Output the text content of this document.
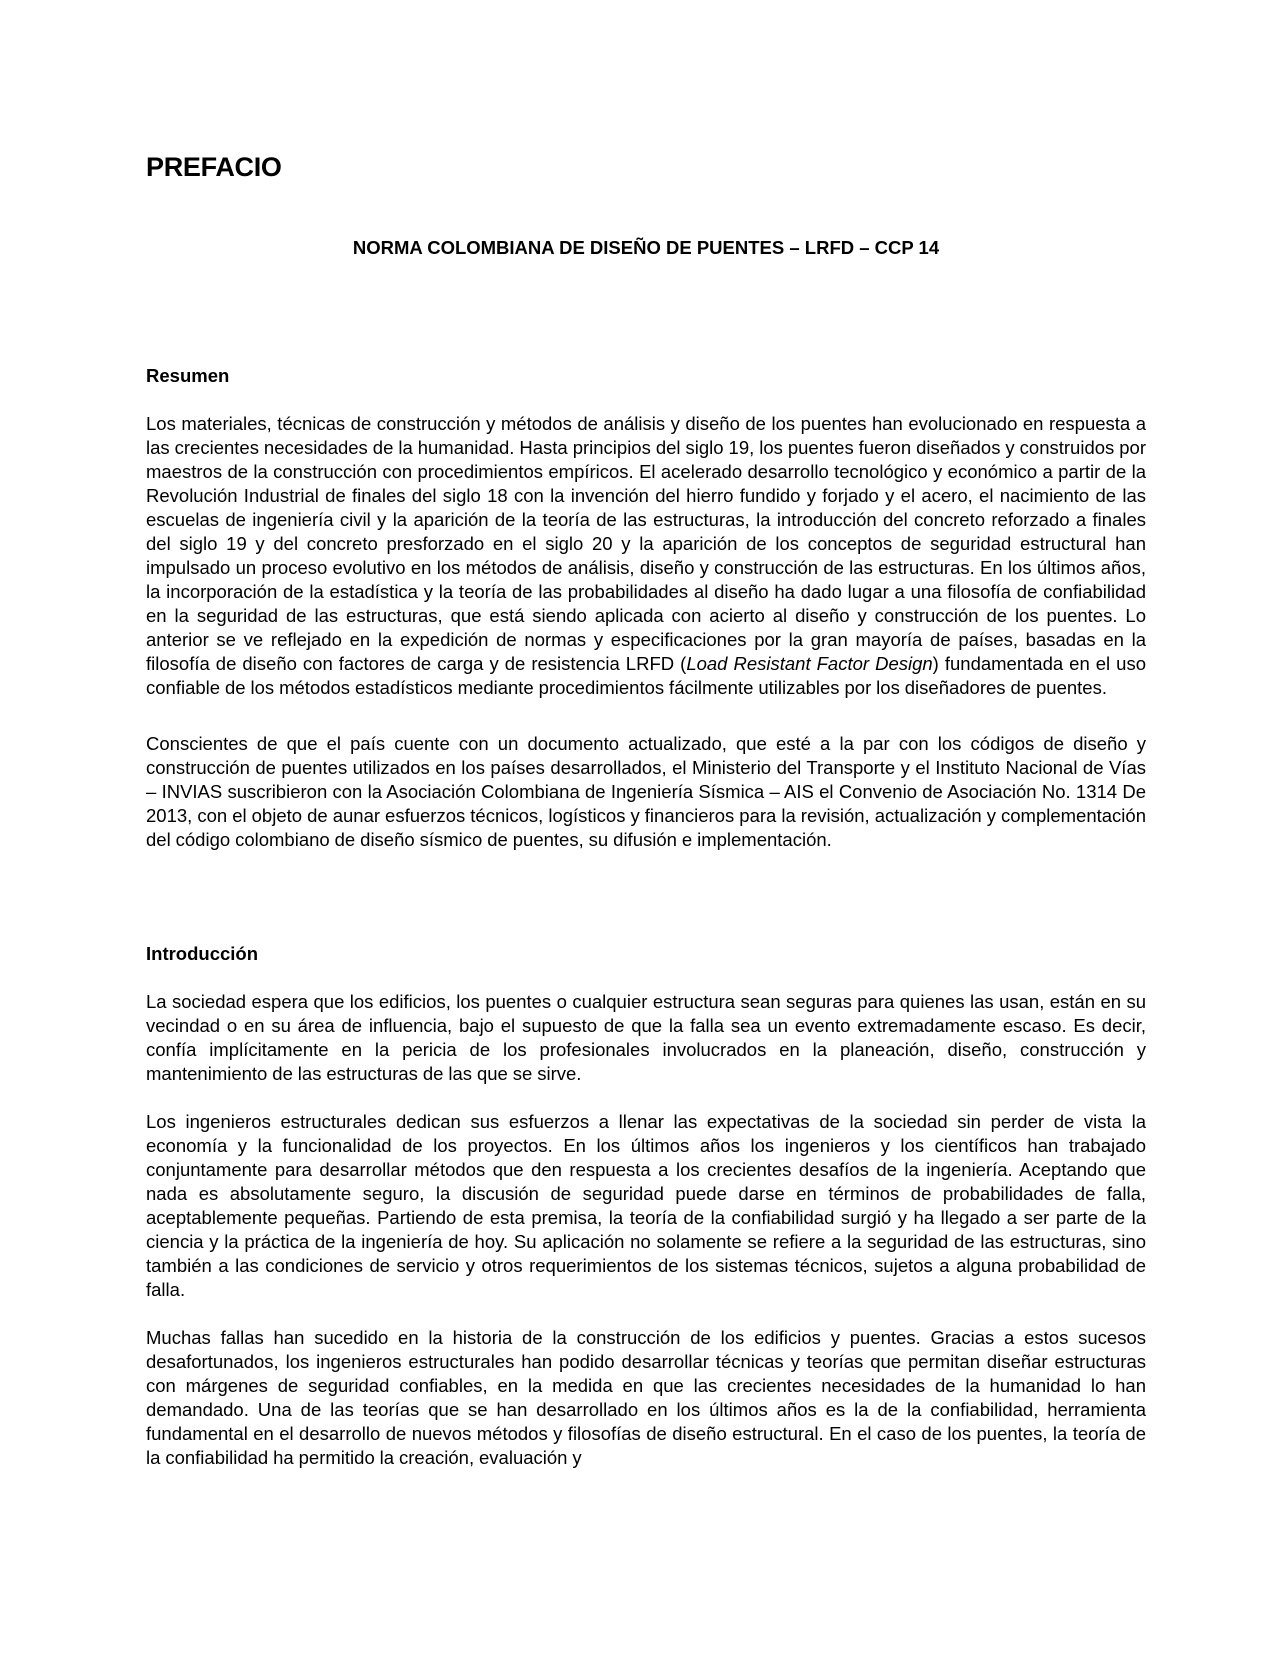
PREFACIO
NORMA COLOMBIANA DE DISEÑO DE PUENTES – LRFD – CCP 14
Resumen

Los materiales, técnicas de construcción y métodos de análisis y diseño de los puentes han evolucionado en respuesta a las crecientes necesidades de la humanidad. Hasta principios del siglo 19, los puentes fueron diseñados y construidos por maestros de la construcción con procedimientos empíricos. El acelerado desarrollo tecnológico y económico a partir de la Revolución Industrial de finales del siglo 18 con la invención del hierro fundido y forjado y el acero, el nacimiento de las escuelas de ingeniería civil y la aparición de la teoría de las estructuras, la introducción del concreto reforzado a finales del siglo 19 y del concreto presforzado en el siglo 20 y la aparición de los conceptos de seguridad estructural han impulsado un proceso evolutivo en los métodos de análisis, diseño y construcción de las estructuras. En los últimos años, la incorporación de la estadística y la teoría de las probabilidades al diseño ha dado lugar a una filosofía de confiabilidad en la seguridad de las estructuras, que está siendo aplicada con acierto al diseño y construcción de los puentes. Lo anterior se ve reflejado en la expedición de normas y especificaciones por la gran mayoría de países, basadas en la filosofía de diseño con factores de carga y de resistencia LRFD (Load Resistant Factor Design) fundamentada en el uso confiable de los métodos estadísticos mediante procedimientos fácilmente utilizables por los diseñadores de puentes.

Conscientes de que el país cuente con un documento actualizado, que esté a la par con los códigos de diseño y construcción de puentes utilizados en los países desarrollados, el Ministerio del Transporte y el Instituto Nacional de Vías – INVIAS suscribieron con la Asociación Colombiana de Ingeniería Sísmica – AIS el Convenio de Asociación No. 1314 De 2013, con el objeto de aunar esfuerzos técnicos, logísticos y financieros para la revisión, actualización y complementación del código colombiano de diseño sísmico de puentes, su difusión e implementación.

Introducción

La sociedad espera que los edificios, los puentes o cualquier estructura sean seguras para quienes las usan, están en su vecindad o en su área de influencia, bajo el supuesto de que la falla sea un evento extremadamente escaso. Es decir, confía implícitamente en la pericia de los profesionales involucrados en la planeación, diseño, construcción y mantenimiento de las estructuras de las que se sirve.

Los ingenieros estructurales dedican sus esfuerzos a llenar las expectativas de la sociedad sin perder de vista la economía y la funcionalidad de los proyectos. En los últimos años los ingenieros y los científicos han trabajado conjuntamente para desarrollar métodos que den respuesta a los crecientes desafíos de la ingeniería. Aceptando que nada es absolutamente seguro, la discusión de seguridad puede darse en términos de probabilidades de falla, aceptablemente pequeñas. Partiendo de esta premisa, la teoría de la confiabilidad surgió y ha llegado a ser parte de la ciencia y la práctica de la ingeniería de hoy. Su aplicación no solamente se refiere a la seguridad de las estructuras, sino también a las condiciones de servicio y otros requerimientos de los sistemas técnicos, sujetos a alguna probabilidad de falla.

Muchas fallas han sucedido en la historia de la construcción de los edificios y puentes. Gracias a estos sucesos desafortunados, los ingenieros estructurales han podido desarrollar técnicas y teorías que permitan diseñar estructuras con márgenes de seguridad confiables, en la medida en que las crecientes necesidades de la humanidad lo han demandado. Una de las teorías que se han desarrollado en los últimos años es la de la confiabilidad, herramienta fundamental en el desarrollo de nuevos métodos y filosofías de diseño estructural. En el caso de los puentes, la teoría de la confiabilidad ha permitido la creación, evaluación y
